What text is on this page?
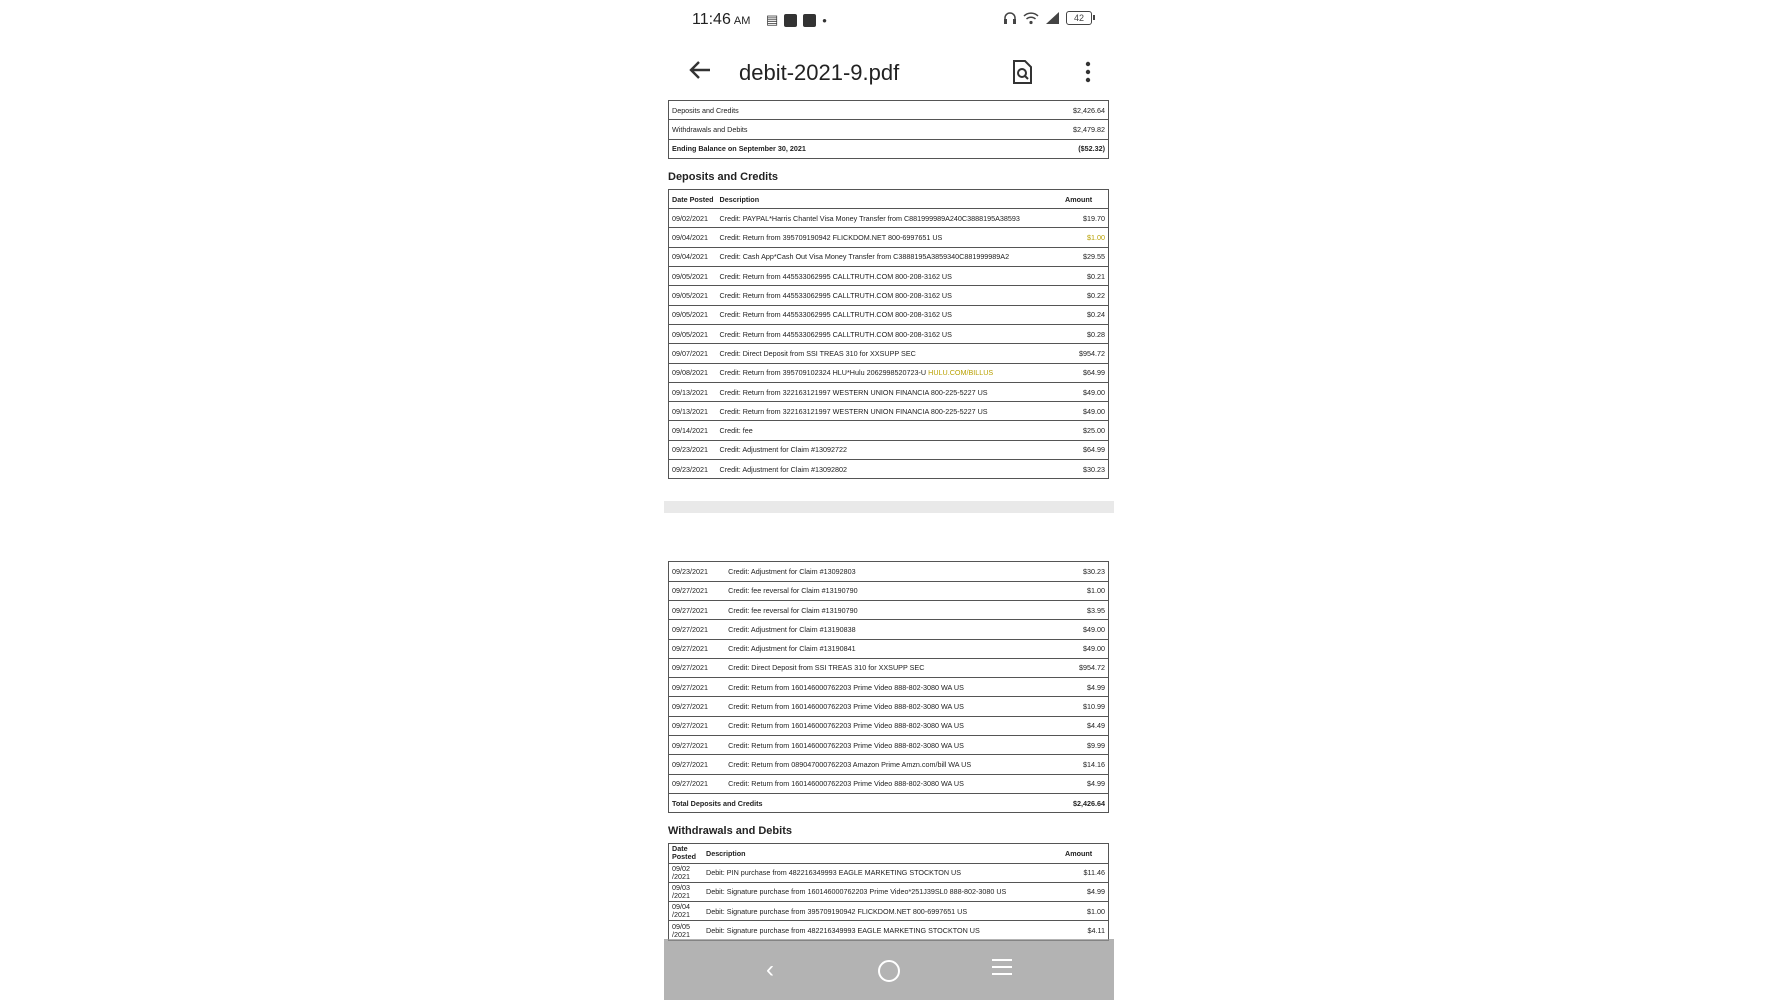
11:46 AM ▤ f	f •	42
debit-2021-9.pdf
Deposits and Credits	$2,426.64
Withdrawals and Debits	$2,479.82
Ending Balance on September 30, 2021	($52.32)
Deposits and Credits
Date Posted	Description	Amount
09/02/2021	Credit: PAYPAL*Harris Chantel Visa Money Transfer from C881999989A240C3888195A38593	$19.70
09/04/2021	Credit: Return from 395709190942 FLICKDOM.NET 800-6997651 US	$1.00
09/04/2021	Credit: Cash App*Cash Out Visa Money Transfer from C3888195A3859340C881999989A2	$29.55
09/05/2021	Credit: Return from 445533062995 CALLTRUTH.COM 800-208-3162 US	$0.21
09/05/2021	Credit: Return from 445533062995 CALLTRUTH.COM 800-208-3162 US	$0.22
09/05/2021	Credit: Return from 445533062995 CALLTRUTH.COM 800-208-3162 US	$0.24
09/05/2021	Credit: Return from 445533062995 CALLTRUTH.COM 800-208-3162 US	$0.28
09/07/2021	Credit: Direct Deposit from SSI TREAS 310 for XXSUPP SEC	$954.72
09/08/2021	Credit: Return from 395709102324 HLU*Hulu 2062998520723-U HULU.COM/BILLUS	$64.99
09/13/2021	Credit: Return from 322163121997 WESTERN UNION FINANCIA 800-225-5227 US	$49.00
09/13/2021	Credit: Return from 322163121997 WESTERN UNION FINANCIA 800-225-5227 US	$49.00
09/14/2021	Credit: fee	$25.00
09/23/2021	Credit: Adjustment for Claim #13092722	$64.99
09/23/2021	Credit: Adjustment for Claim #13092802	$30.23
09/23/2021	Credit: Adjustment for Claim #13092803	$30.23
09/27/2021	Credit: fee reversal for Claim #13190790	$1.00
09/27/2021	Credit: fee reversal for Claim #13190790	$3.95
09/27/2021	Credit: Adjustment for Claim #13190838	$49.00
09/27/2021	Credit: Adjustment for Claim #13190841	$49.00
09/27/2021	Credit: Direct Deposit from SSI TREAS 310 for XXSUPP SEC	$954.72
09/27/2021	Credit: Return from 160146000762203 Prime Video 888-802-3080 WA US	$4.99
09/27/2021	Credit: Return from 160146000762203 Prime Video 888-802-3080 WA US	$10.99
09/27/2021	Credit: Return from 160146000762203 Prime Video 888-802-3080 WA US	$4.49
09/27/2021	Credit: Return from 160146000762203 Prime Video 888-802-3080 WA US	$9.99
09/27/2021	Credit: Return from 089047000762203 Amazon Prime Amzn.com/bill WA US	$14.16
09/27/2021	Credit: Return from 160146000762203 Prime Video 888-802-3080 WA US	$4.99
Total Deposits and Credits		$2,426.64
Withdrawals and Debits
Date Posted	Description	Amount
09/02 /2021	Debit: PIN purchase from 482216349993 EAGLE MARKETING STOCKTON US	$11.46
09/03 /2021	Debit: Signature purchase from 160146000762203 Prime Video*251J39SL0 888-802-3080 US	$4.99
09/04 /2021	Debit: Signature purchase from 395709190942 FLICKDOM.NET 800-6997651 US	$1.00
09/05 /2021	Debit: Signature purchase from 482216349993 EAGLE MARKETING STOCKTON US	$4.11
‹
